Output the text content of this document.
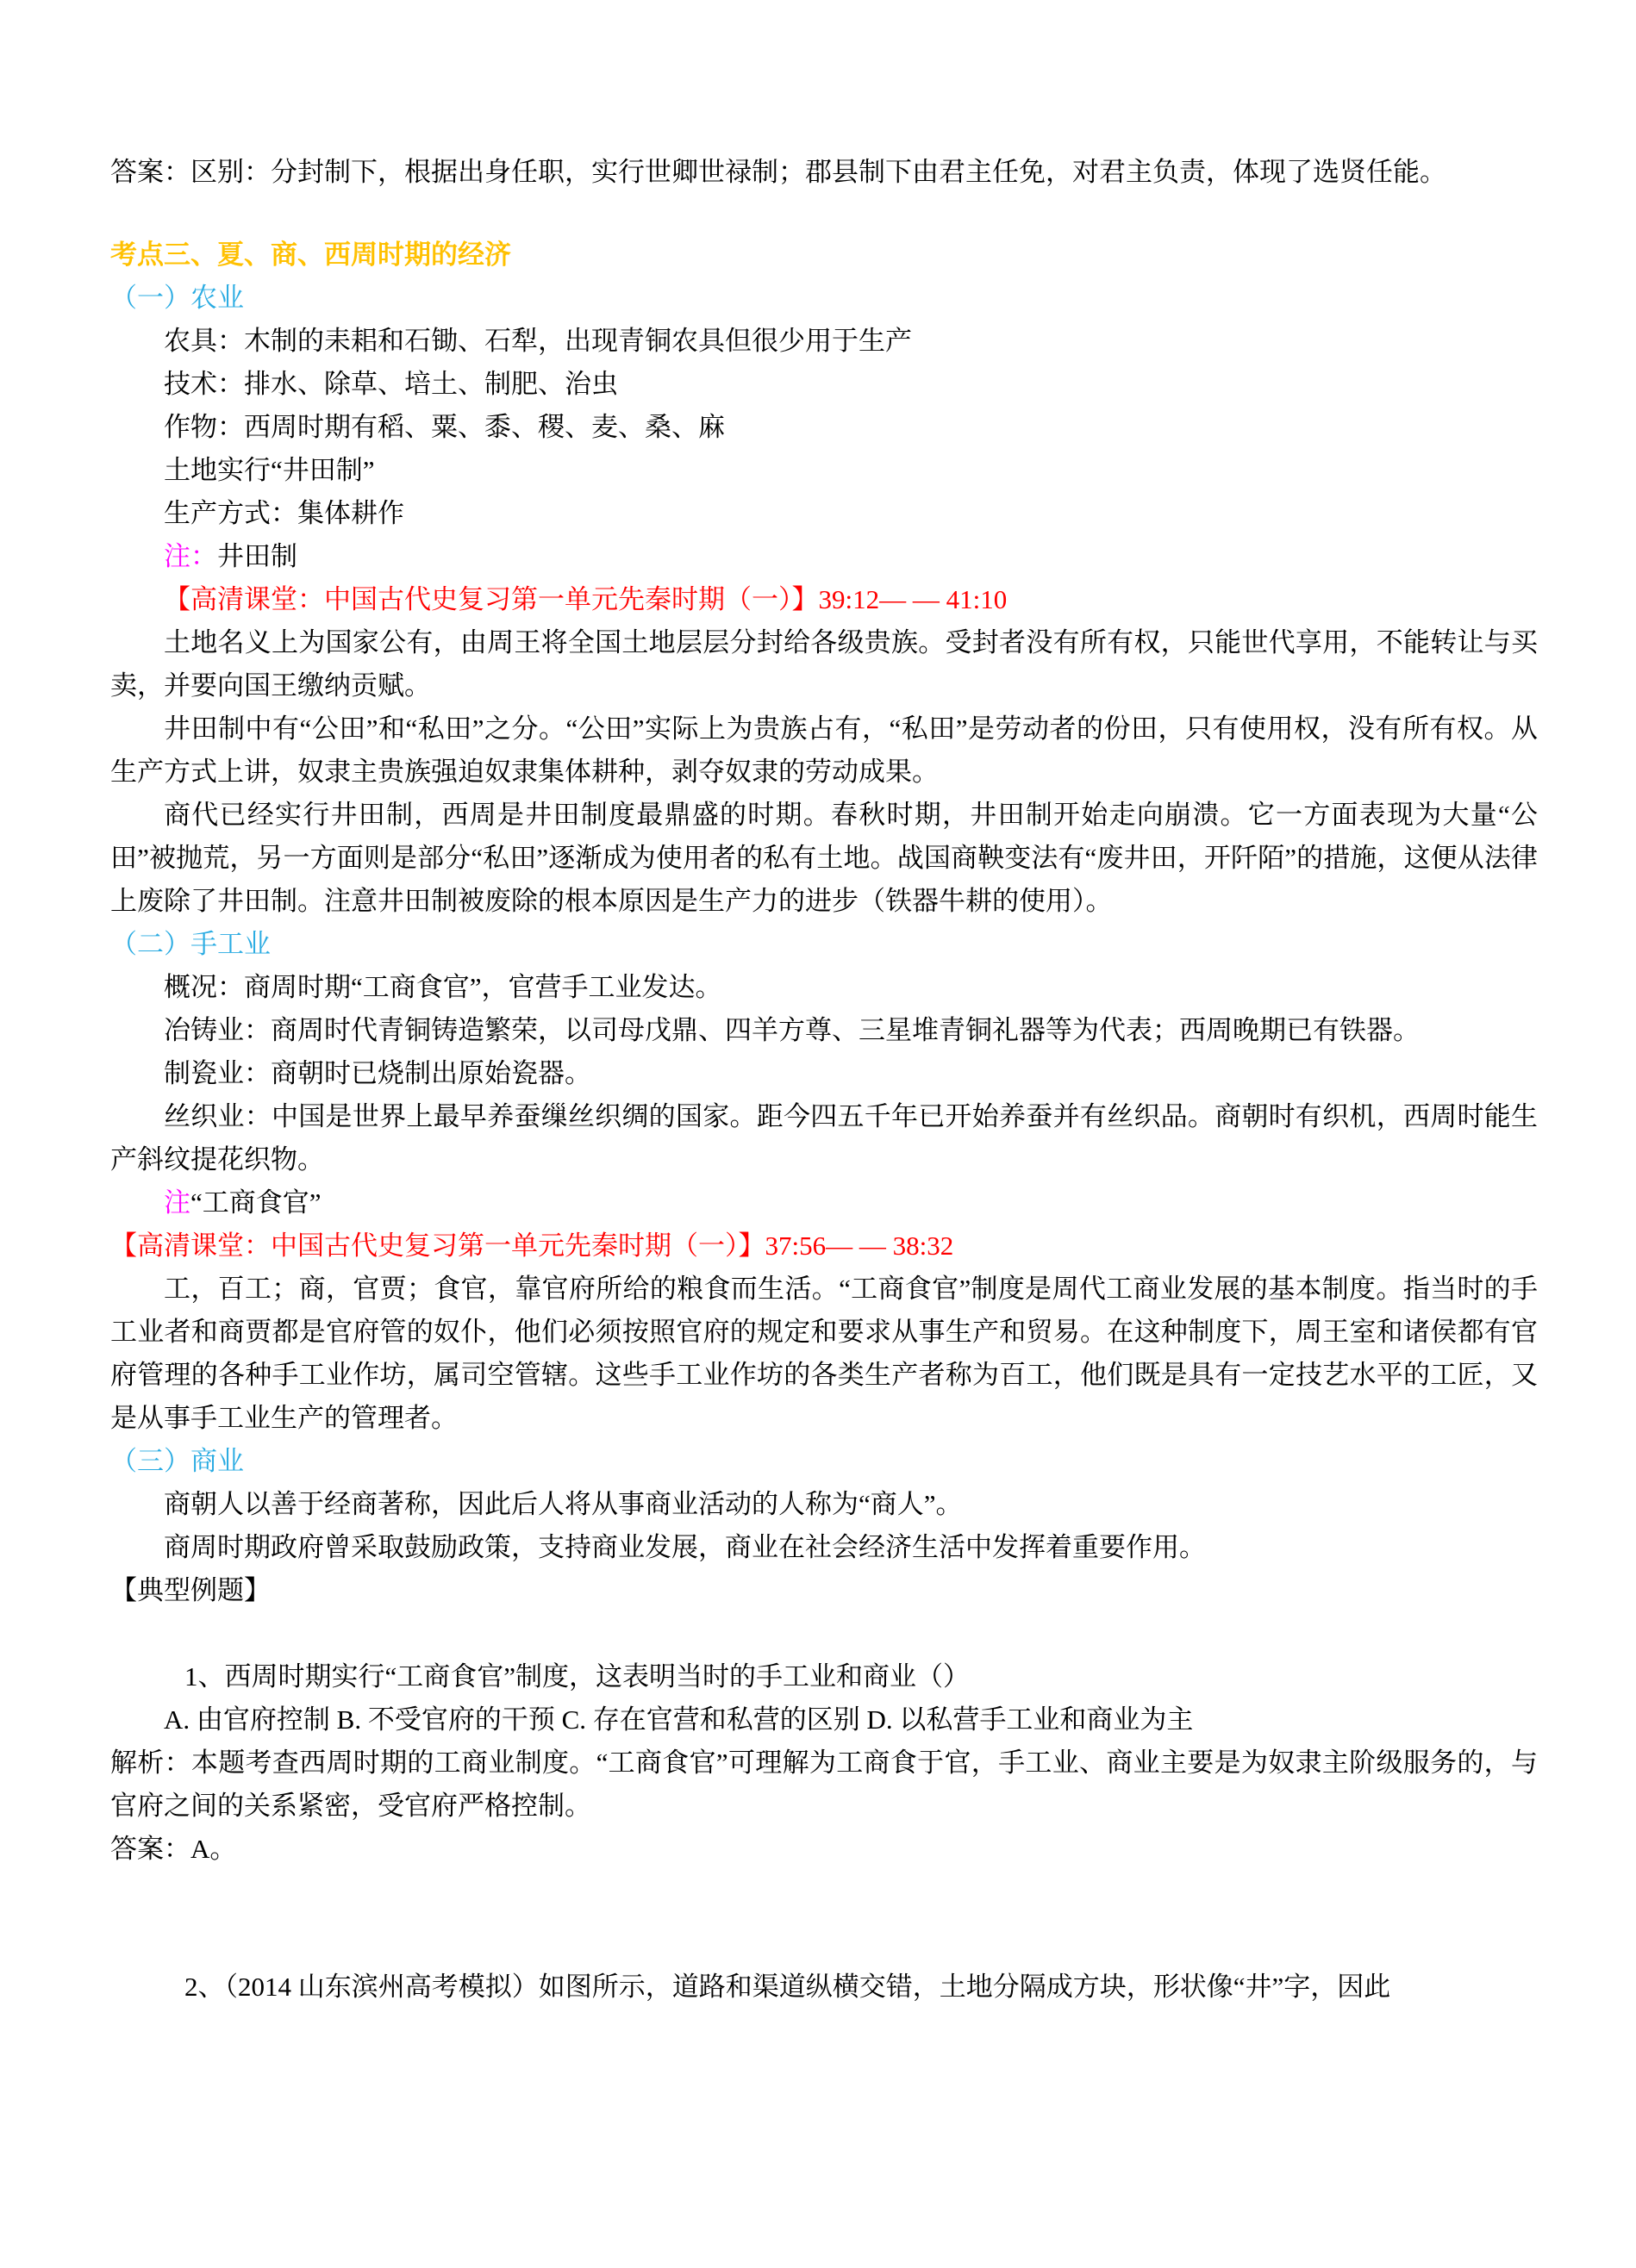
答案：区别：分封制下，根据出身任职，实行世卿世禄制；郡县制下由君主任免，对君主负责，体现了选贤任能。

考点三、夏、商、西周时期的经济

（一）农业

农具：木制的耒耜和石锄、石犁，出现青铜农具但很少用于生产

技术：排水、除草、培土、制肥、治虫

作物：西周时期有稻、粟、黍、稷、麦、桑、麻

土地实行“井田制”

生产方式：集体耕作

注：井田制

【高清课堂：中国古代史复习第一单元先秦时期（一）】39:12— — 41:10

土地名义上为国家公有，由周王将全国土地层层分封给各级贵族。受封者没有所有权，只能世代享用，不能转让与买卖，并要向国王缴纳贡赋。

井田制中有“公田”和“私田”之分。“公田”实际上为贵族占有，“私田”是劳动者的份田，只有使用权，没有所有权。从生产方式上讲，奴隶主贵族强迫奴隶集体耕种，剥夺奴隶的劳动成果。

商代已经实行井田制，西周是井田制度最鼎盛的时期。春秋时期，井田制开始走向崩溃。它一方面表现为大量“公田”被抛荒，另一方面则是部分“私田”逐渐成为使用者的私有土地。战国商鞅变法有“废井田，开阡陌”的措施，这便从法律上废除了井田制。注意井田制被废除的根本原因是生产力的进步（铁器牛耕的使用）。

（二）手工业

概况：商周时期“工商食官”，官营手工业发达。

冶铸业：商周时代青铜铸造繁荣，以司母戊鼎、四羊方尊、三星堆青铜礼器等为代表；西周晚期已有铁器。

制瓷业：商朝时已烧制出原始瓷器。

丝织业：中国是世界上最早养蚕缫丝织绸的国家。距今四五千年已开始养蚕并有丝织品。商朝时有织机，西周时能生产斜纹提花织物。

注“工商食官”

【高清课堂：中国古代史复习第一单元先秦时期（一）】37:56— — 38:32

工，百工；商，官贾；食官，靠官府所给的粮食而生活。“工商食官”制度是周代工商业发展的基本制度。指当时的手工业者和商贾都是官府管的奴仆，他们必须按照官府的规定和要求从事生产和贸易。在这种制度下，周王室和诸侯都有官府管理的各种手工业作坊，属司空管辖。这些手工业作坊的各类生产者称为百工，他们既是具有一定技艺水平的工匠，又是从事手工业生产的管理者。

（三）商业

商朝人以善于经商著称，因此后人将从事商业活动的人称为“商人”。

商周时期政府曾采取鼓励政策，支持商业发展，商业在社会经济生活中发挥着重要作用。

【典型例题】

1、西周时期实行“工商食官”制度，这表明当时的手工业和商业（）

A. 由官府控制 B. 不受官府的干预 C. 存在官营和私营的区别 D. 以私营手工业和商业为主

解析：本题考查西周时期的工商业制度。“工商食官”可理解为工商食于官，手工业、商业主要是为奴隶主阶级服务的，与官府之间的关系紧密，受官府严格控制。

答案：A。

2、（2014 山东滨州高考模拟）如图所示，道路和渠道纵横交错，土地分隔成方块，形状像“井”字，因此
